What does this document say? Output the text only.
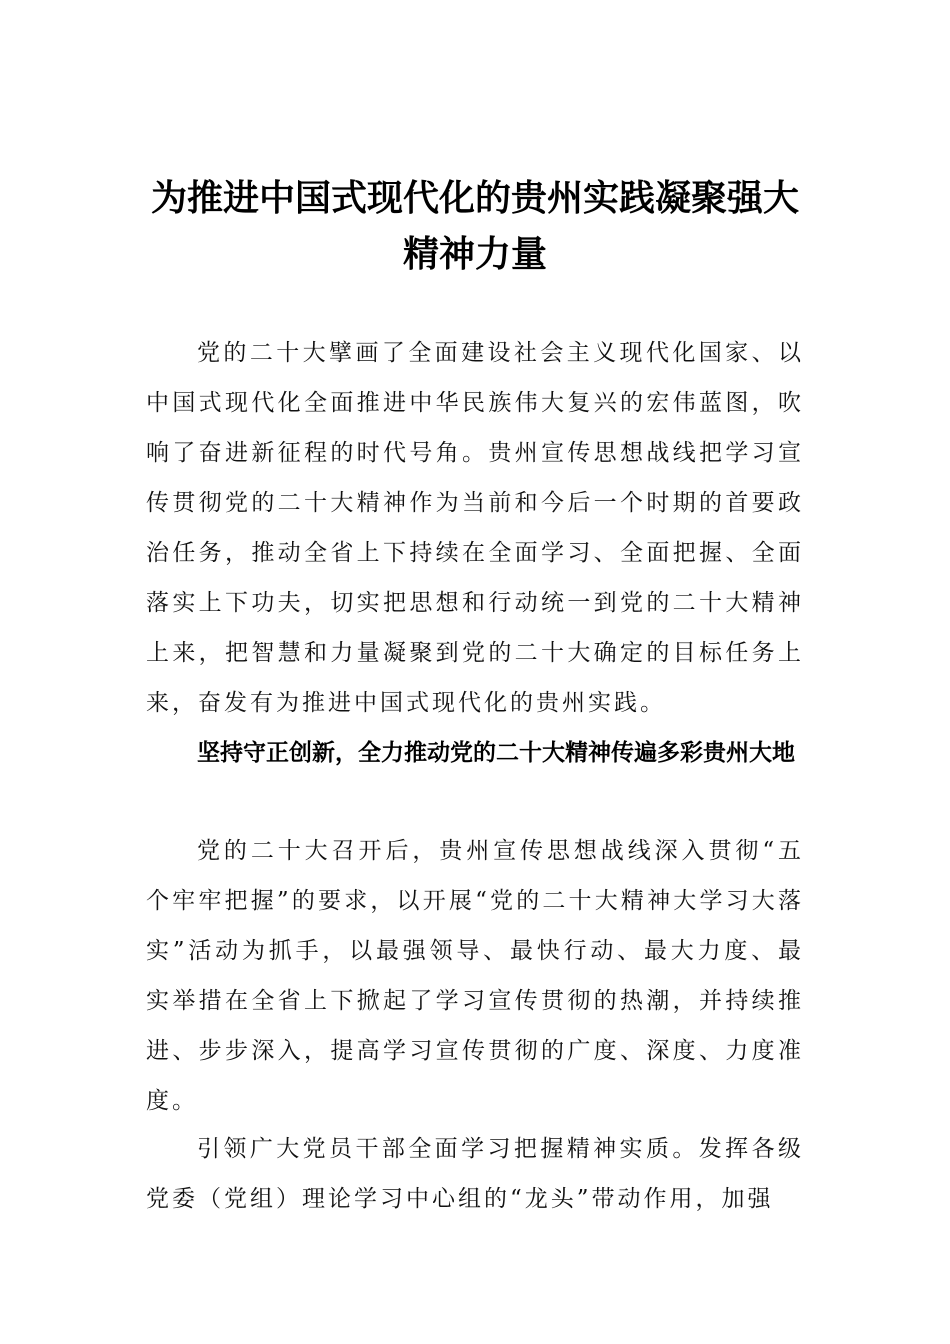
为推进中国式现代化的贵州实践凝聚强大精神力量

党的二十大擘画了全面建设社会主义现代化国家、以中国式现代化全面推进中华民族伟大复兴的宏伟蓝图，吹响了奋进新征程的时代号角。贵州宣传思想战线把学习宣传贯彻党的二十大精神作为当前和今后一个时期的首要政治任务，推动全省上下持续在全面学习、全面把握、全面落实上下功夫，切实把思想和行动统一到党的二十大精神上来，把智慧和力量凝聚到党的二十大确定的目标任务上来，奋发有为推进中国式现代化的贵州实践。

坚持守正创新，全力推动党的二十大精神传遍多彩贵州大地

党的二十大召开后，贵州宣传思想战线深入贯彻“五个牢牢把握”的要求，以开展“党的二十大精神大学习大落实”活动为抓手，以最强领导、最快行动、最大力度、最实举措在全省上下掀起了学习宣传贯彻的热潮，并持续推进、步步深入，提高学习宣传贯彻的广度、深度、力度准度。

引领广大党员干部全面学习把握精神实质。发挥各级党委（党组）理论学习中心组的“龙头”带动作用，加强
